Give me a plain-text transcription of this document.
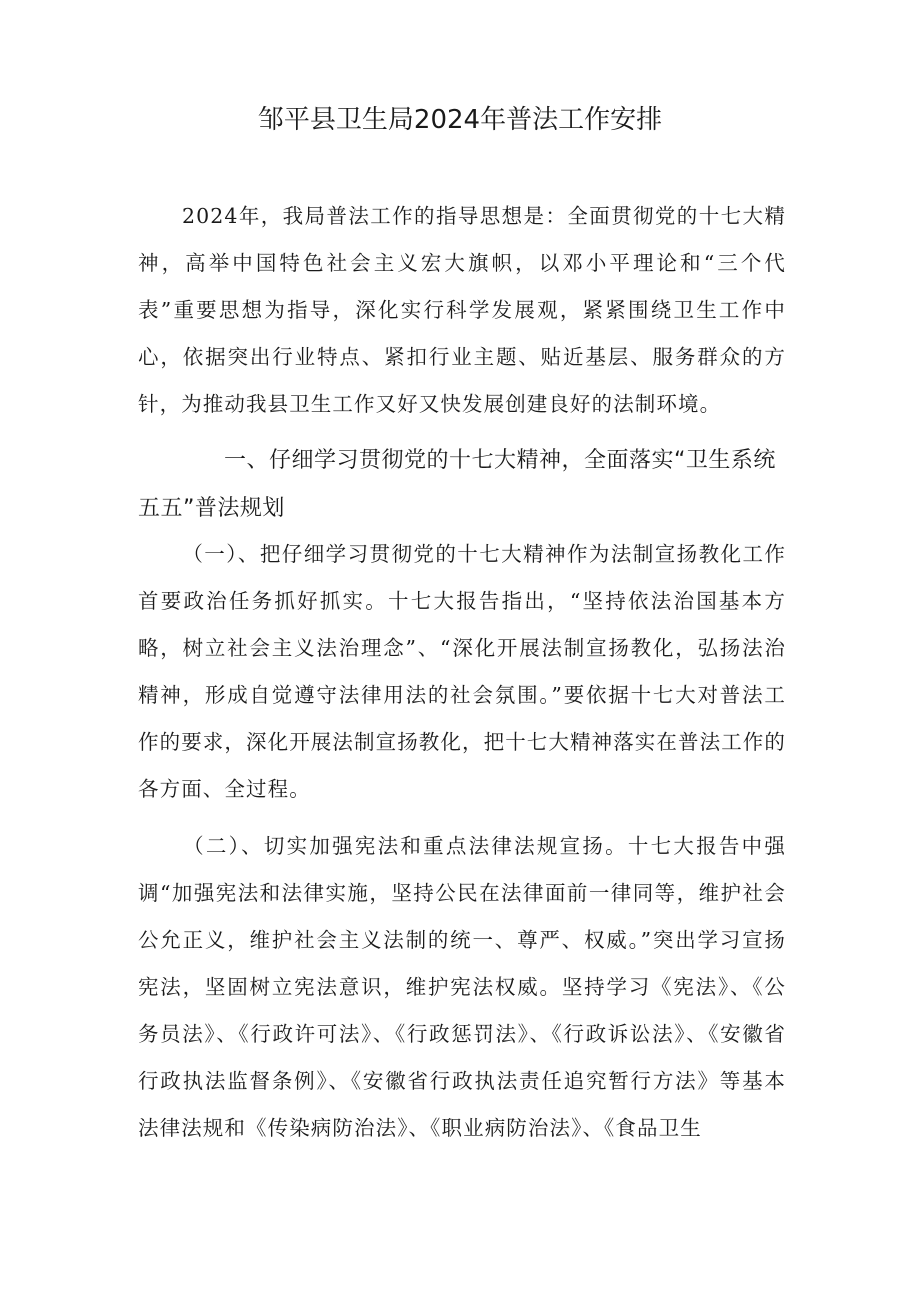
邹平县卫生局2024年普法工作安排
2024年，我局普法工作的指导思想是：全面贯彻党的十七大精神，高举中国特色社会主义宏大旗帜，以邓小平理论和“三个代表”重要思想为指导，深化实行科学发展观，紧紧围绕卫生工作中心，依据突出行业特点、紧扣行业主题、贴近基层、服务群众的方针，为推动我县卫生工作又好又快发展创建良好的法制环境。
一、仔细学习贯彻党的十七大精神，全面落实“卫生系统五五”普法规划
（一）、把仔细学习贯彻党的十七大精神作为法制宣扬教化工作首要政治任务抓好抓实。十七大报告指出，“坚持依法治国基本方略，树立社会主义法治理念”、“深化开展法制宣扬教化，弘扬法治精神，形成自觉遵守法律用法的社会氛围。”要依据十七大对普法工作的要求，深化开展法制宣扬教化，把十七大精神落实在普法工作的各方面、全过程。
（二）、切实加强宪法和重点法律法规宣扬。十七大报告中强调“加强宪法和法律实施，坚持公民在法律面前一律同等，维护社会公允正义，维护社会主义法制的统一、尊严、权威。”突出学习宣扬宪法，坚固树立宪法意识，维护宪法权威。坚持学习《宪法》、《公务员法》、《行政许可法》、《行政惩罚法》、《行政诉讼法》、《安徽省行政执法监督条例》、《安徽省行政执法责任追究暂行方法》等基本法律法规和《传染病防治法》、《职业病防治法》、《食品卫生
